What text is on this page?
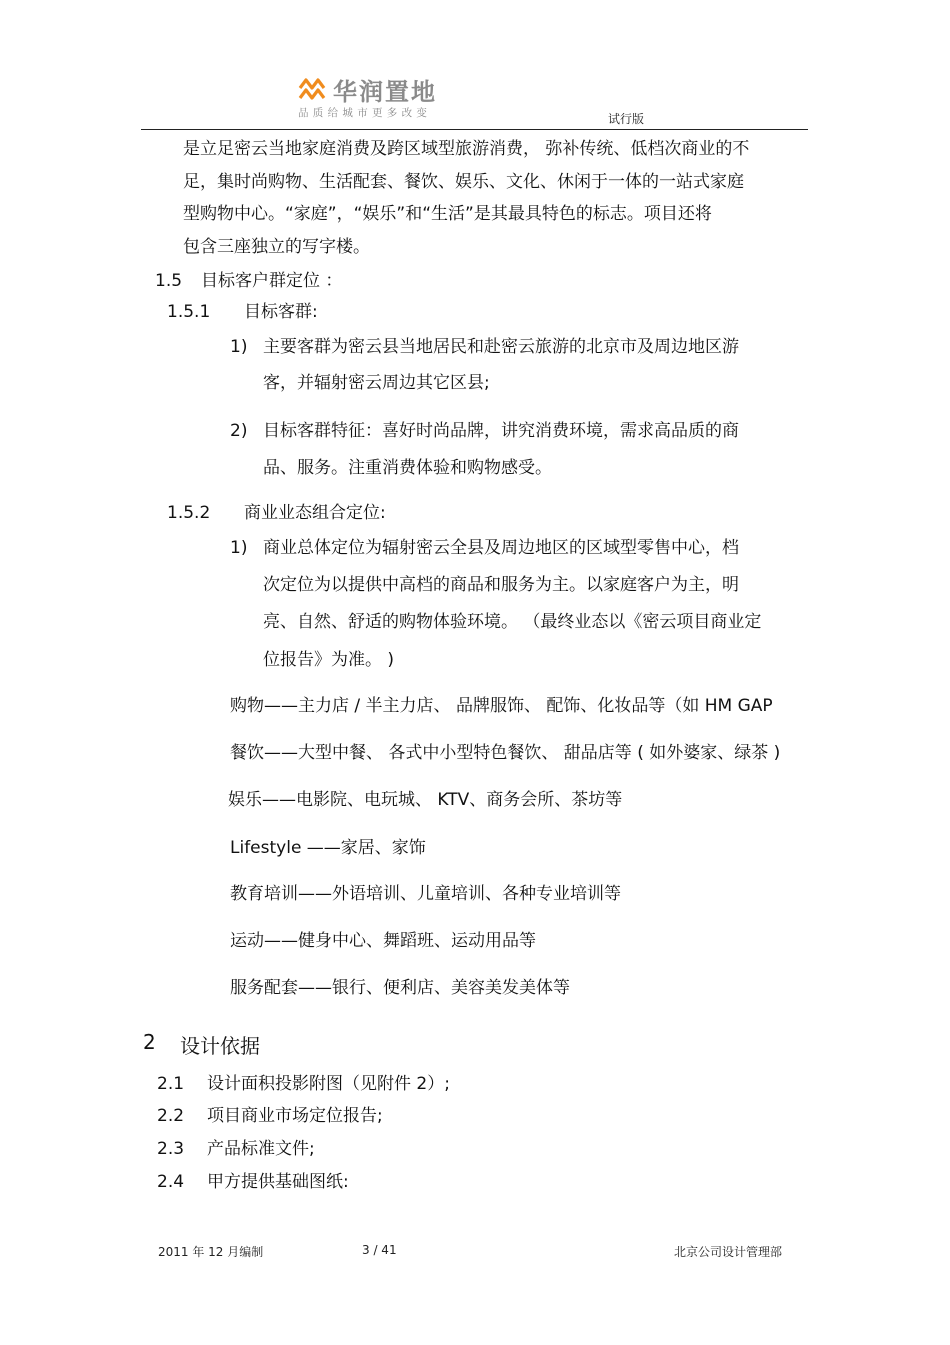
华润置地
品质给城市更多改变	试行版
是立足密云当地家庭消费及跨区域型旅游消费， 弥补传统、低档次商业的不
足，集时尚购物、生活配套、餐饮、娱乐、文化、休闲于一体的一站式家庭
型购物中心。“家庭”，“娱乐”和“生活”是其最具特色的标志。项目还将
包含三座独立的写字楼。
1.5 目标客户群定位 ：
1.5.1 目标客群:
1) 主要客群为密云县当地居民和赴密云旅游的北京市及周边地区游
客，并辐射密云周边其它区县;
2) 目标客群特征：喜好时尚品牌，讲究消费环境，需求高品质的商
品、服务。注重消费体验和购物感受。
1.5.2 商业业态组合定位:
1) 商业总体定位为辐射密云全县及周边地区的区域型零售中心，档
次定位为以提供中高档的商品和服务为主。以家庭客户为主，明
亮、自然、舒适的购物体验环境。 （最终业态以《密云项目商业定
位报告》为准。 )
购物——主力店 / 半主力店、 品牌服饰、 配饰、化妆品等（如 HM GAP
餐饮——大型中餐、 各式中小型特色餐饮、 甜品店等 ( 如外婆家、绿茶 )
娱乐——电影院、电玩城、 KTV、商务会所、茶坊等
Lifestyle ——家居、家饰
教育培训——外语培训、儿童培训、各种专业培训等
运动——健身中心、舞蹈班、运动用品等
服务配套——银行、便利店、美容美发美体等
2 设计依据
2.1 设计面积投影附图（见附件 2）;
2.2 项目商业市场定位报告;
2.3 产品标准文件;
2.4 甲方提供基础图纸:
2011 年 12 月编制	3 / 41	北京公司设计管理部
